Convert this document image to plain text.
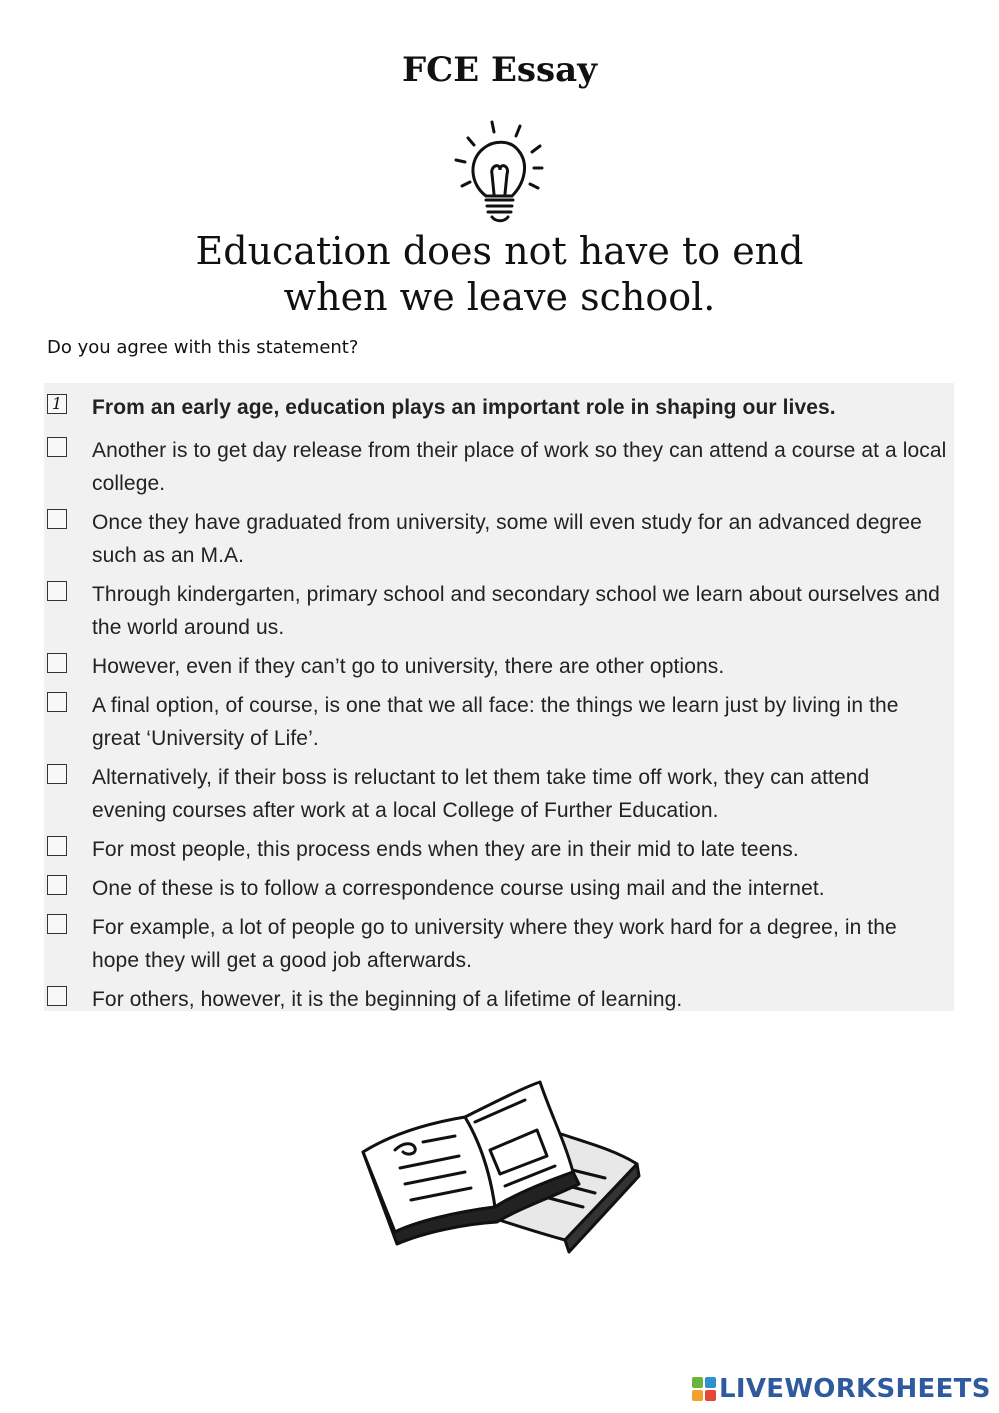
FCE Essay
Education does not have to end
when we leave school.
Do you agree with this statement?
1 From an early age, education plays an important role in shaping our lives.
Another is to get day release from their place of work so they can attend a course at a local college.
Once they have graduated from university, some will even study for an advanced degree such as an M.A.
Through kindergarten, primary school and secondary school we learn about ourselves and the world around us.
However, even if they can’t go to university, there are other options.
A final option, of course, is one that we all face: the things we learn just by living in the great ‘University of Life’.
Alternatively, if their boss is reluctant to let them take time off work, they can attend evening courses after work at a local College of Further Education.
For most people, this process ends when they are in their mid to late teens.
One of these is to follow a correspondence course using mail and the internet.
For example, a lot of people go to university where they work hard for a degree, in the hope they will get a good job afterwards.
For others, however, it is the beginning of a lifetime of learning.
LIVEWORKSHEETS
